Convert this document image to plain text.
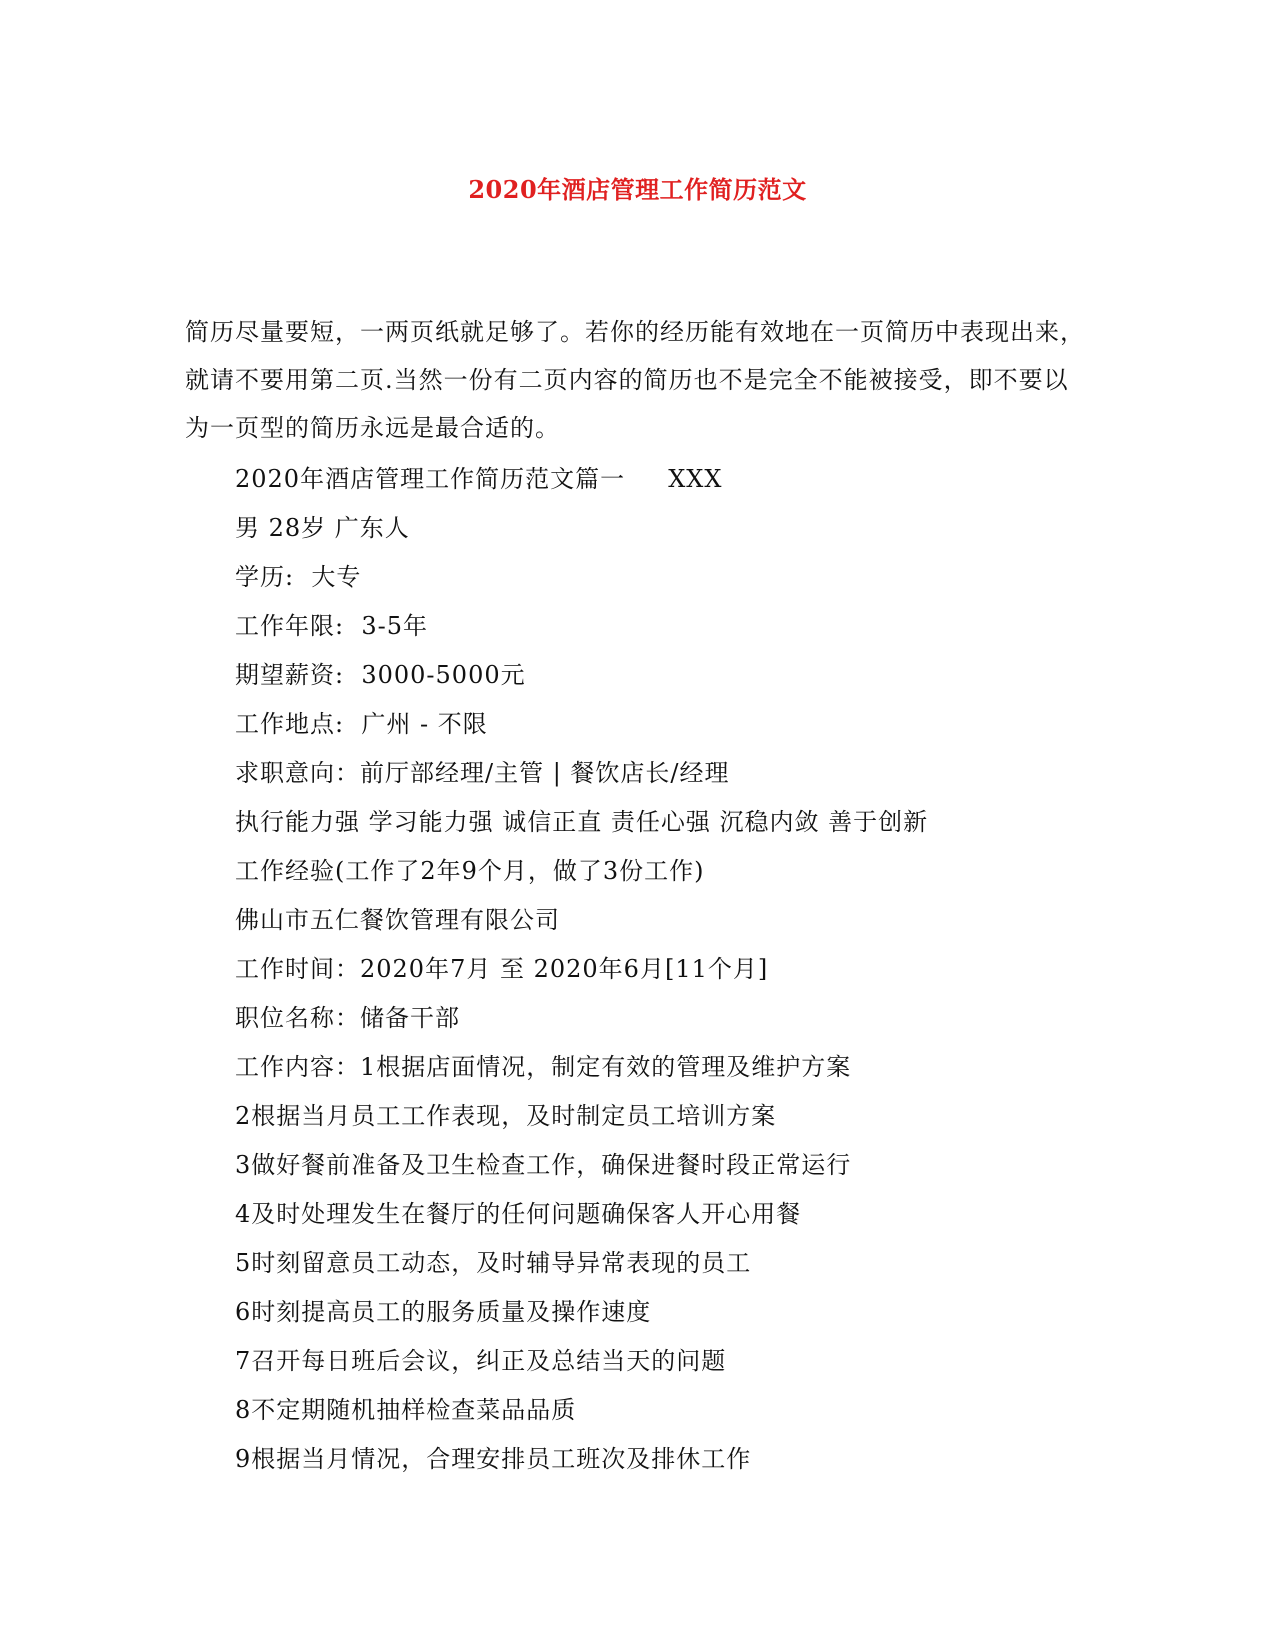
2020年酒店管理工作简历范文

简历尽量要短，一两页纸就足够了。若你的经历能有效地在一页简历中表现出来，

就请不要用第二页.当然一份有二页内容的简历也不是完全不能被接受，即不要以

为一页型的简历永远是最合适的。

2020年酒店管理工作简历范文篇一     XXX
男 28岁 广东人
学历:  大专
工作年限:  3-5年
期望薪资:  3000-5000元
工作地点:  广州 - 不限
求职意向：前厅部经理/主管 | 餐饮店长/经理
执行能力强 学习能力强 诚信正直 责任心强 沉稳内敛 善于创新
工作经验(工作了2年9个月，做了3份工作)
佛山市五仁餐饮管理有限公司
工作时间：2020年7月 至 2020年6月[11个月]
职位名称：储备干部
工作内容：1根据店面情况，制定有效的管理及维护方案
2根据当月员工工作表现，及时制定员工培训方案
3做好餐前准备及卫生检查工作，确保进餐时段正常运行
4及时处理发生在餐厅的任何问题确保客人开心用餐
5时刻留意员工动态，及时辅导异常表现的员工
6时刻提高员工的服务质量及操作速度
7召开每日班后会议，纠正及总结当天的问题
8不定期随机抽样检查菜品品质
9根据当月情况，合理安排员工班次及排休工作
